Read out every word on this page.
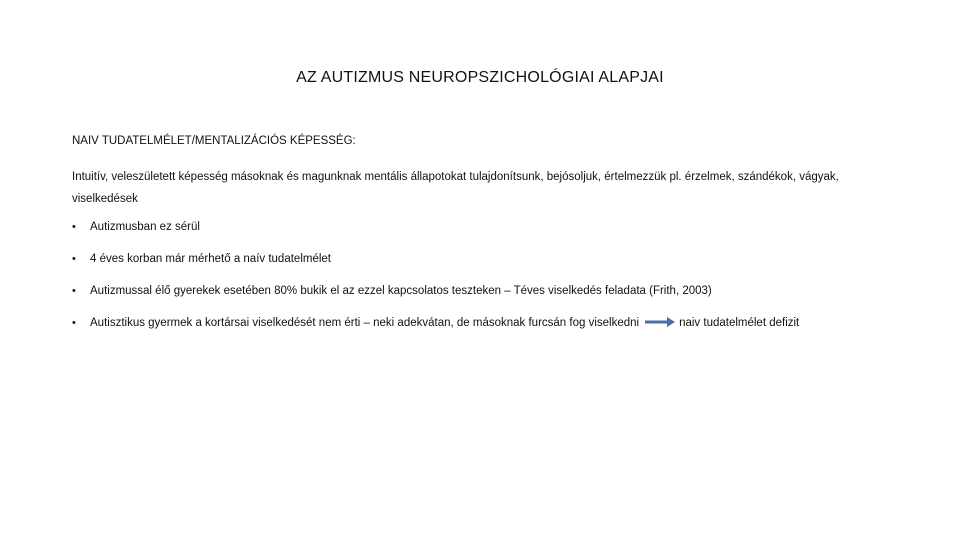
AZ AUTIZMUS NEUROPSZICHOLÓGIAI ALAPJAI
NAIV TUDATELMÉLET/MENTALIZÁCIÓS KÉPESSÉG:
Intuitív, veleszületett képesség másoknak és magunknak mentális állapotokat tulajdonítsunk, bejósoljuk, értelmezzük pl. érzelmek, szándékok, vágyak, viselkedések
• Autizmusban ez sérül
• 4 éves korban már mérhető a naív tudatelmélet
• Autizmussal élő gyerekek esetében 80% bukik el az ezzel kapcsolatos teszteken – Téves viselkedés feladata (Frith, 2003)
• Autisztikus gyermek a kortársai viselkedését nem érti – neki adekvátan, de másoknak furcsán fog viselkedni	naiv tudatelmélet defizit
